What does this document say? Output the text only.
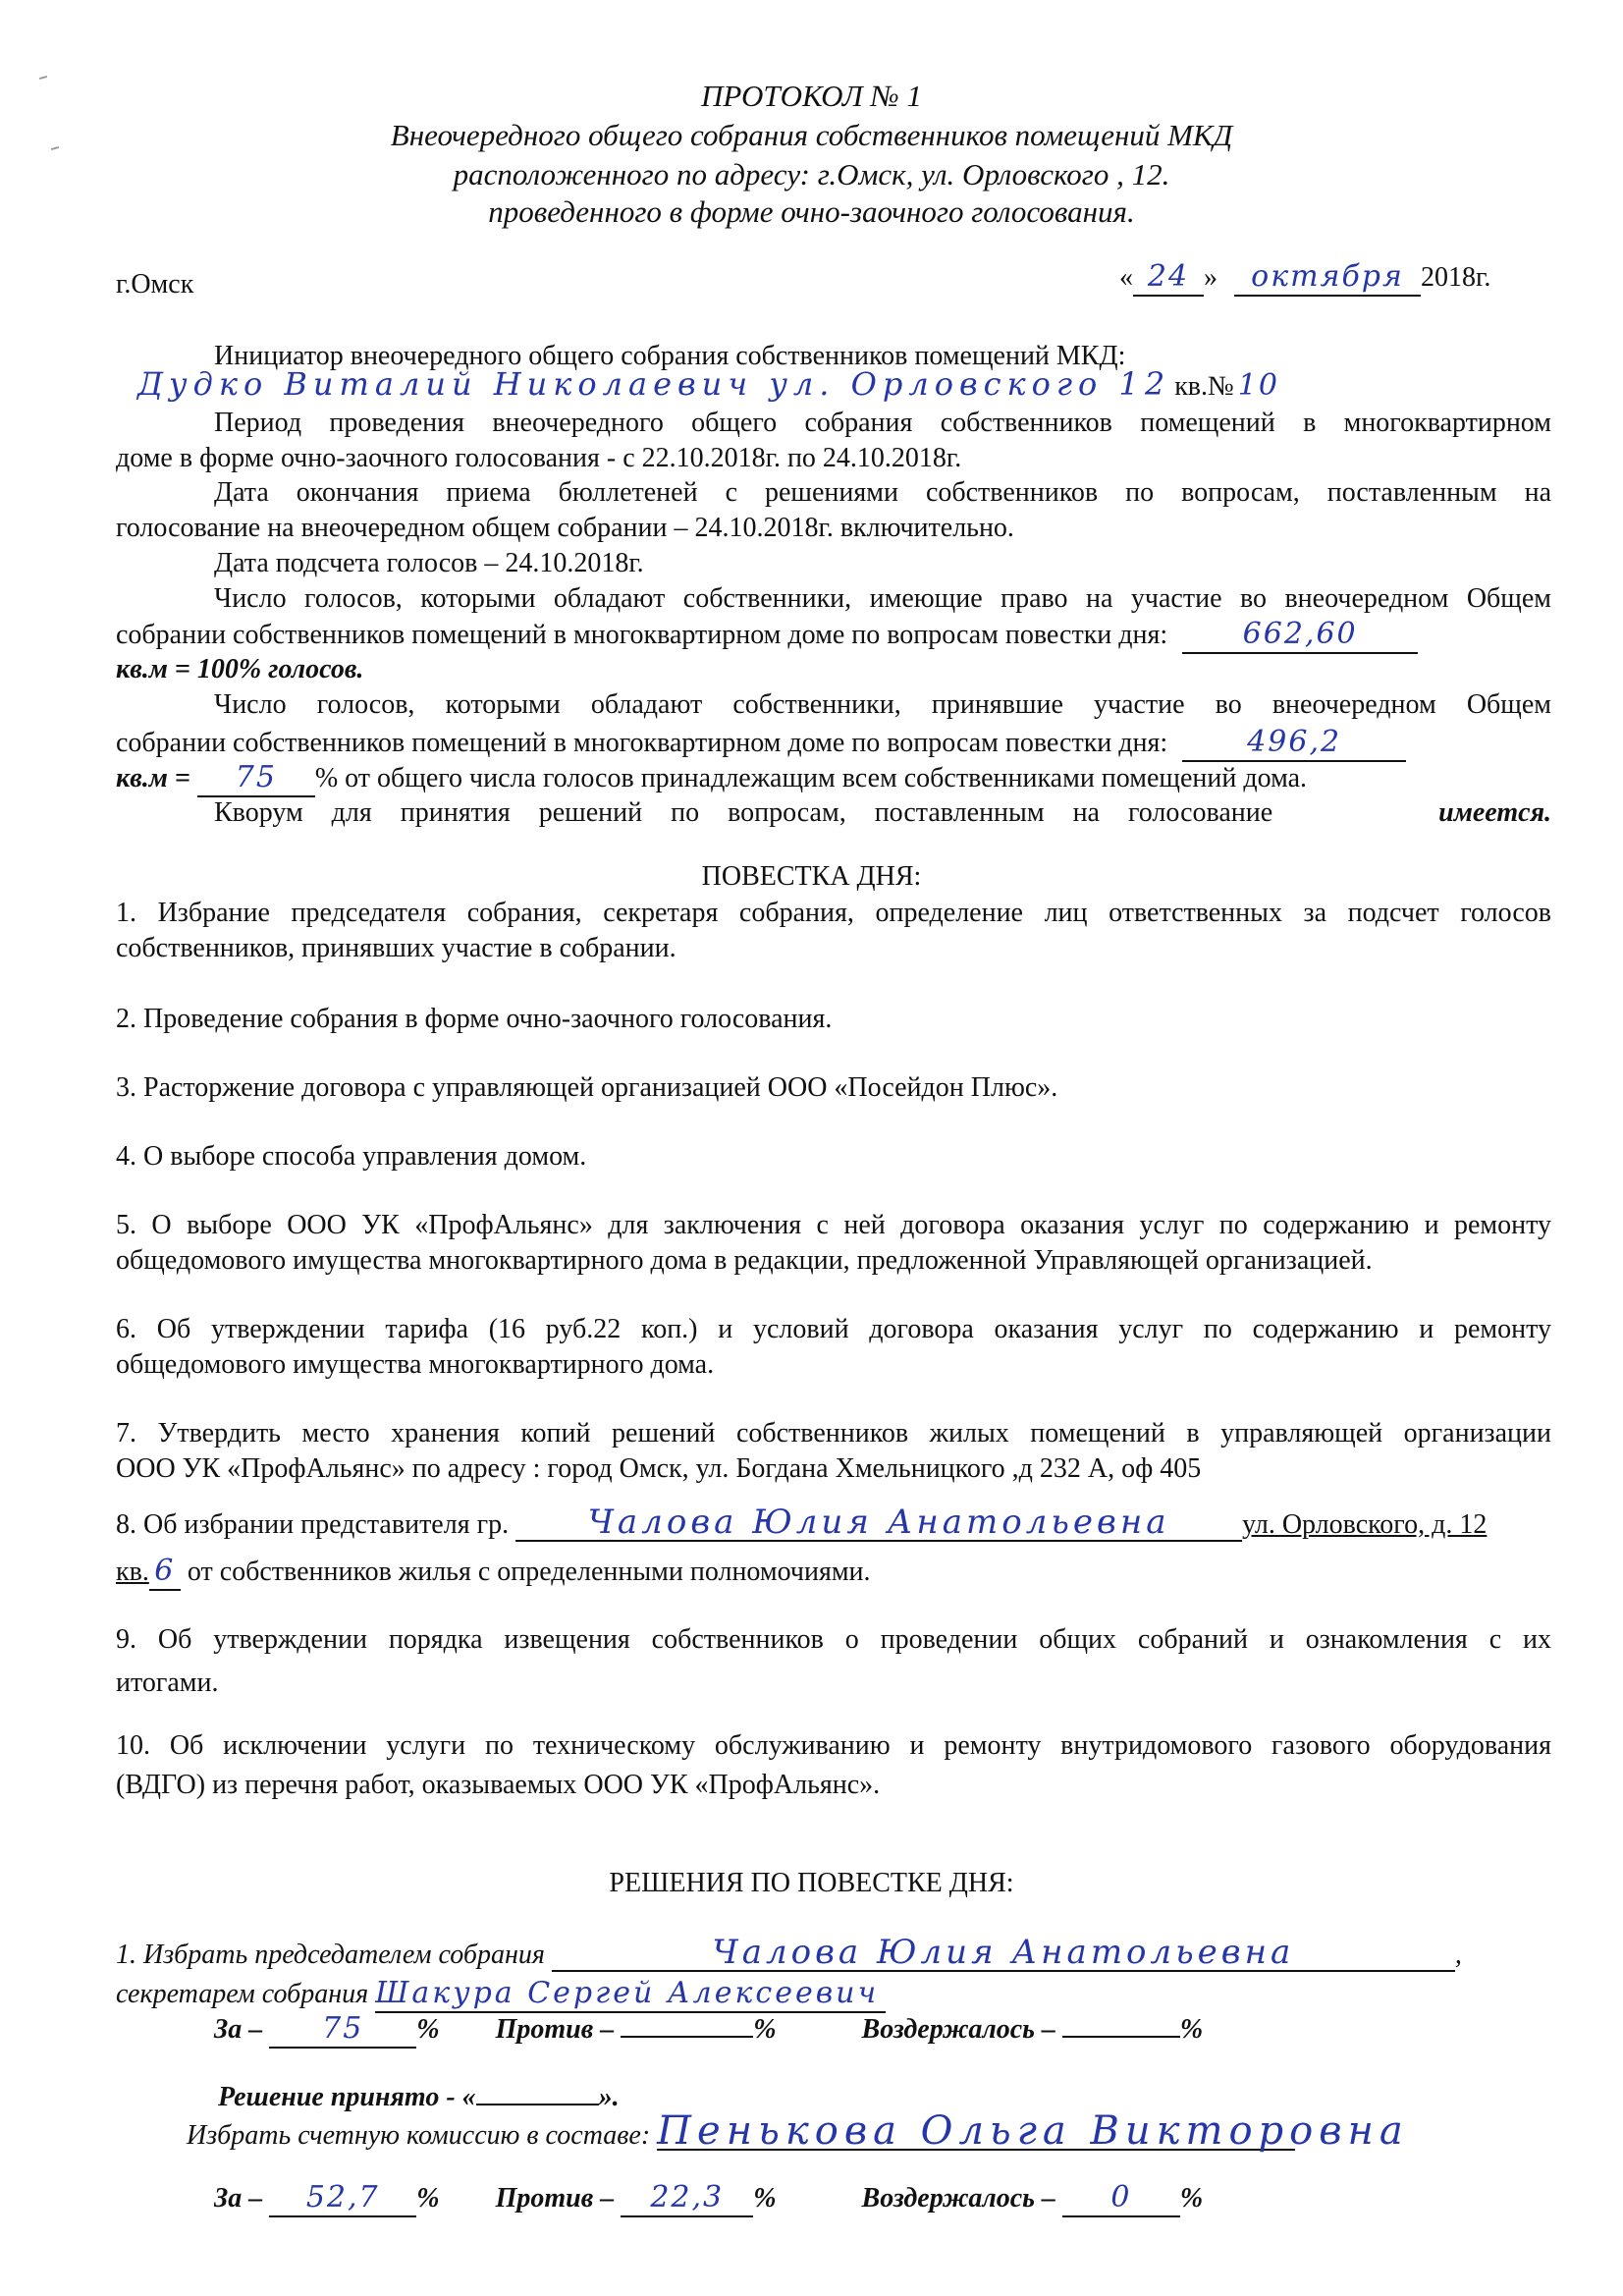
ПРОТОКОЛ № 1
Внеочередного общего собрания собственников помещений МКД
расположенного по адресу: г.Омск, ул. Орловского , 12.
проведенного в форме очно-заочного голосования.
г.Омск	« 24 » октября 2018г.
Инициатор внеочередного общего собрания собственников помещений МКД:
Дудко Виталий Николаевич ул. Орловского 12 кв.№ 10
Период проведения внеочередного общего собрания собственников помещений в многоквартирном
доме в форме очно-заочного голосования - с 22.10.2018г. по 24.10.2018г.
Дата окончания приема бюллетеней с решениями собственников по вопросам, поставленным на
голосование на внеочередном общем собрании – 24.10.2018г. включительно.
Дата подсчета голосов – 24.10.2018г.
Число голосов, которыми обладают собственники, имеющие право на участие во внеочередном Общем
собрании собственников помещений в многоквартирном доме по вопросам повестки дня:	662,60
кв.м = 100% голосов.
Число голосов, которыми обладают собственники, принявшие участие во внеочередном Общем
собрании собственников помещений в многоквартирном доме по вопросам повестки дня:	496,2
кв.м = 75 % от общего числа голосов принадлежащим всем собственниками помещений дома.
Кворум для принятия решений по вопросам, поставленным на голосование	имеется.
ПОВЕСТКА ДНЯ:
1. Избрание председателя собрания, секретаря собрания, определение лиц ответственных за подсчет голосов
собственников, принявших участие в собрании.
2. Проведение собрания в форме очно-заочного голосования.
3. Расторжение договора с управляющей организацией ООО «Посейдон Плюс».
4. О выборе способа управления домом.
5. О выборе ООО УК «ПрофАльянс» для заключения с ней договора оказания услуг по содержанию и ремонту
общедомового имущества многоквартирного дома в редакции, предложенной Управляющей организацией.
6. Об утверждении тарифа (16 руб.22 коп.) и условий договора оказания услуг по содержанию и ремонту
общедомового имущества многоквартирного дома.
7. Утвердить место хранения копий решений собственников жилых помещений в управляющей организации
ООО УК «ПрофАльянс» по адресу : город Омск, ул. Богдана Хмельницкого ,д 232 А, оф 405
8. Об избрании представителя гр. Чалова Юлия Анатольевна	ул. Орловского, д. 12
кв. 6 от собственников жилья с определенными полномочиями.
9. Об утверждении порядка извещения собственников о проведении общих собраний и ознакомления с их
итогами.
10. Об исключении услуги по техническому обслуживанию и ремонту внутридомового газового оборудования
(ВДГО) из перечня работ, оказываемых ООО УК «ПрофАльянс».
РЕШЕНИЯ ПО ПОВЕСТКЕ ДНЯ:
1. Избрать председателем собрания	Чалова Юлия Анатольевна	,
секретарем собрания Шакура Сергей Алексеевич
За – 75 % Против –	%	Воздержалось –	%
Решение принято - «	».
Избрать счетную комиссию в составе: Пенькова Ольга Викторовна
За – 52,7 % Против – 22,3 %	Воздержалось – 0 %
